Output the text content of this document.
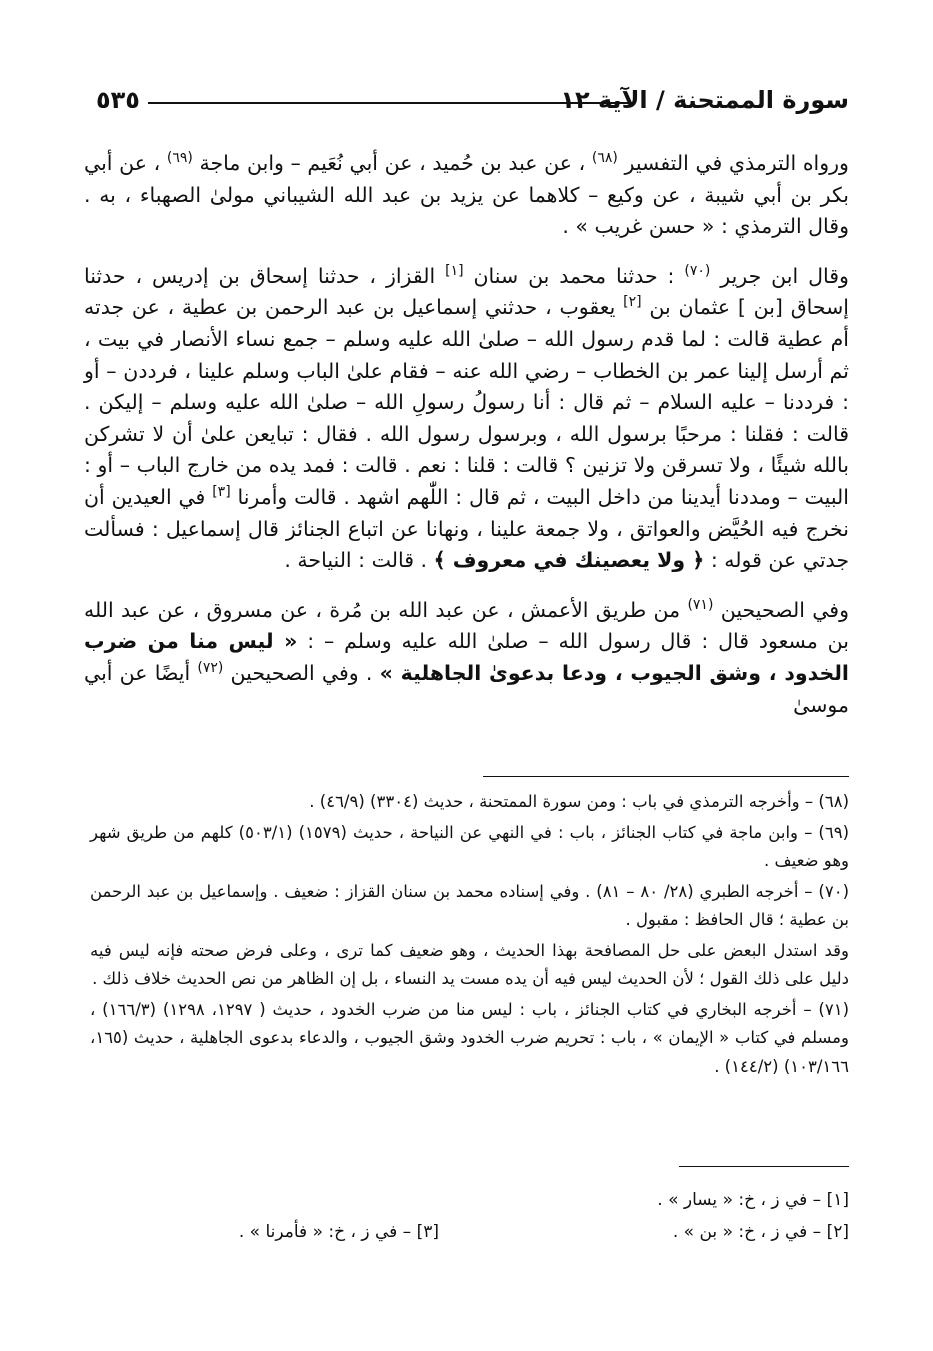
سورة الممتحنة / الآية ١٢
٥٣٥

ورواه الترمذي في التفسير $^{(٦٨)}$ ، عن عبد بن حُميد ، عن أبي نُعَيم – وابن ماجة $^{(٦٩)}$ ، عن أبي بكر بن أبي شيبة ، عن وكيع – كلاهما عن يزيد بن عبد الله الشيباني مولىٰ الصهباء ، به . وقال الترمذي : « حسن غريب » .

وقال ابن جرير $^{(٧٠)}$ : حدثنا محمد بن سنان [١] القزاز ، حدثنا إسحاق بن إدريس ، حدثنا إسحاق [بن ] عثمان بن [٢] يعقوب ، حدثني إسماعيل بن عبد الرحمن بن عطية ، عن جدته أم عطية قالت : لما قدم رسول الله – صلىٰ الله عليه وسلم – جمع نساء الأنصار في بيت ، ثم أرسل إلينا عمر بن الخطاب – رضي الله عنه – فقام علىٰ الباب وسلم علينا ، فرددن – أو : فرددنا – عليه السلام – ثم قال : أنا رسولُ رسولِ الله – صلىٰ الله عليه وسلم – إليكن . قالت : فقلنا : مرحبًا برسول الله ، وبرسول رسول الله . فقال : تبايعن علىٰ أن لا تشركن بالله شيئًا ، ولا تسرقن ولا تزنين ؟ قالت : قلنا : نعم . قالت : فمد يده من خارج الباب – أو : البيت – ومددنا أيدينا من داخل البيت ، ثم قال : اللّٰهم اشهد . قالت وأمرنا [٣] في العيدين أن نخرج فيه الحُيَّض والعواتق ، ولا جمعة علينا ، ونهانا عن اتباع الجنائز قال إسماعيل : فسألت جدتي عن قوله : ﴿ ولا يعصينك في معروف ﴾ . قالت : النياحة .

وفي الصحيحين $^{(٧١)}$ من طريق الأعمش ، عن عبد الله بن مُرة ، عن مسروق ، عن عبد الله بن مسعود قال : قال رسول الله – صلىٰ الله عليه وسلم – : « ليس منا من ضرب الخدود ، وشق الجيوب ، ودعا بدعوىٰ الجاهلية » . وفي الصحيحين $^{(٧٢)}$ أيضًا عن أبي موسىٰ

(٦٨) – وأخرجه الترمذي في باب : ومن سورة الممتحنة ، حديث (٣٣٠٤) (٤٦/٩) .

(٦٩) – وابن ماجة في كتاب الجنائز ، باب : في النهي عن النياحة ، حديث (١٥٧٩) (٥٠٣/١) كلهم من طريق شهر وهو ضعيف .

(٧٠) – أخرجه الطبري (٢٨/ ٨٠ – ٨١) . وفي إسناده محمد بن سنان القزاز : ضعيف . وإسماعيل بن عبد الرحمن بن عطية ؛ قال الحافظ : مقبول .

وقد استدل البعض على حل المصافحة بهذا الحديث ، وهو ضعيف كما ترى ، وعلى فرض صحته فإنه ليس فيه دليل على ذلك القول ؛ لأن الحديث ليس فيه أن يده مست يد النساء ، بل إن الظاهر من نص الحديث خلاف ذلك .

(٧١) – أخرجه البخاري في كتاب الجنائز ، باب : ليس منا من ضرب الخدود ، حديث ( ١٢٩٧، ١٢٩٨) (١٦٦/٣) ، ومسلم في كتاب « الإيمان » ، باب : تحريم ضرب الخدود وشق الجيوب ، والدعاء بدعوى الجاهلية ، حديث (١٦٥، ١٠٣/١٦٦) (١٤٤/٢) .

[١] – في ز ، خ: « يسار » .
[٢] – في ز ، خ: « بن » .
[٣] – في ز ، خ: « فأمرنا » .
